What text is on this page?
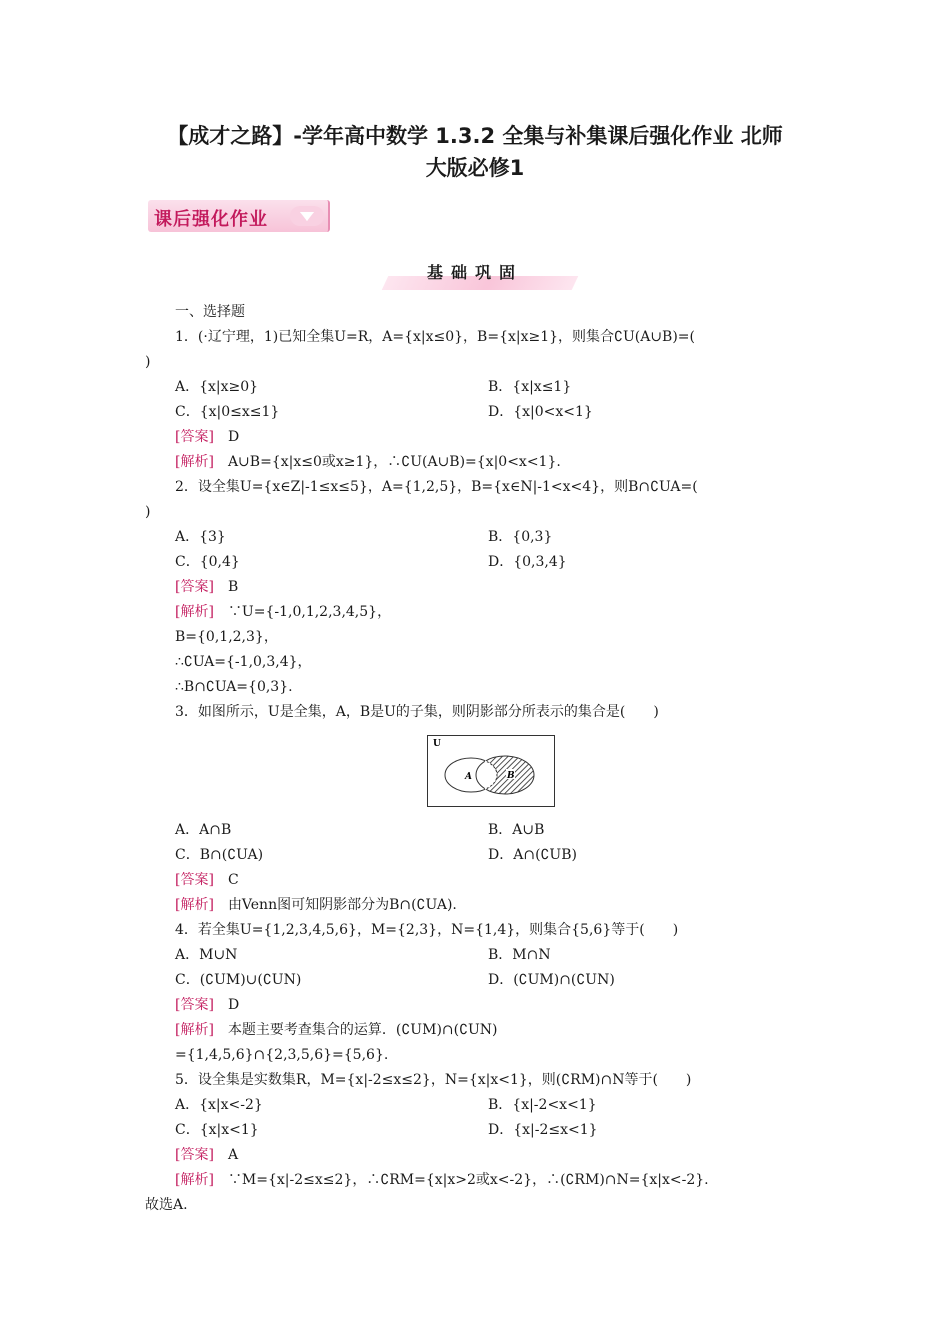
【成才之路】-学年高中数学 1.3.2 全集与补集课后强化作业 北师
大版必修1
课后强化作业
基础巩固
一、选择题
1．(·辽宁理，1)已知全集U=R，A={x|x≤0}，B={x|x≥1}，则集合∁U(A∪B)=(
)
A．{x|x≥0}	B．{x|x≤1}
C．{x|0≤x≤1}	D．{x|0<x<1}
[答案]　 D
[解析]　 A∪B={x|x≤0或x≥1}，∴∁U(A∪B)={x|0<x<1}.
2．设全集U={x∈Z|-1≤x≤5}，A={1,2,5}，B={x∈N|-1<x<4}，则B∩∁UA=(
)
A．{3}	B．{0,3}
C．{0,4}	D．{0,3,4}
[答案]　 B
[解析]　 ∵U={-1,0,1,2,3,4,5}，
B={0,1,2,3}，
∴∁UA={-1,0,3,4}，
∴B∩∁UA={0,3}.
3．如图所示，U是全集，A，B是U的子集，则阴影部分所表示的集合是(　　)
U
A	B
A．A∩B	B．A∪B
C．B∩(∁UA)	D．A∩(∁UB)
[答案]　 C
[解析]　 由Venn图可知阴影部分为B∩(∁UA).
4．若全集U={1,2,3,4,5,6}，M={2,3}，N={1,4}，则集合{5,6}等于(　　)
A．M∪N	B．M∩N
C．(∁UM)∪(∁UN)	D．(∁UM)∩(∁UN)
[答案]　 D
[解析]　 本题主要考查集合的运算．(∁UM)∩(∁UN)
={1,4,5,6}∩{2,3,5,6}={5,6}.
5．设全集是实数集R，M={x|-2≤x≤2}，N={x|x<1}，则(∁RM)∩N等于(　　)
A．{x|x<-2}	B．{x|-2<x<1}
C．{x|x<1}	D．{x|-2≤x<1}
[答案]　 A
[解析]　 ∵M={x|-2≤x≤2}，∴∁RM={x|x>2或x<-2}，∴(∁RM)∩N={x|x<-2}.
故选A.
